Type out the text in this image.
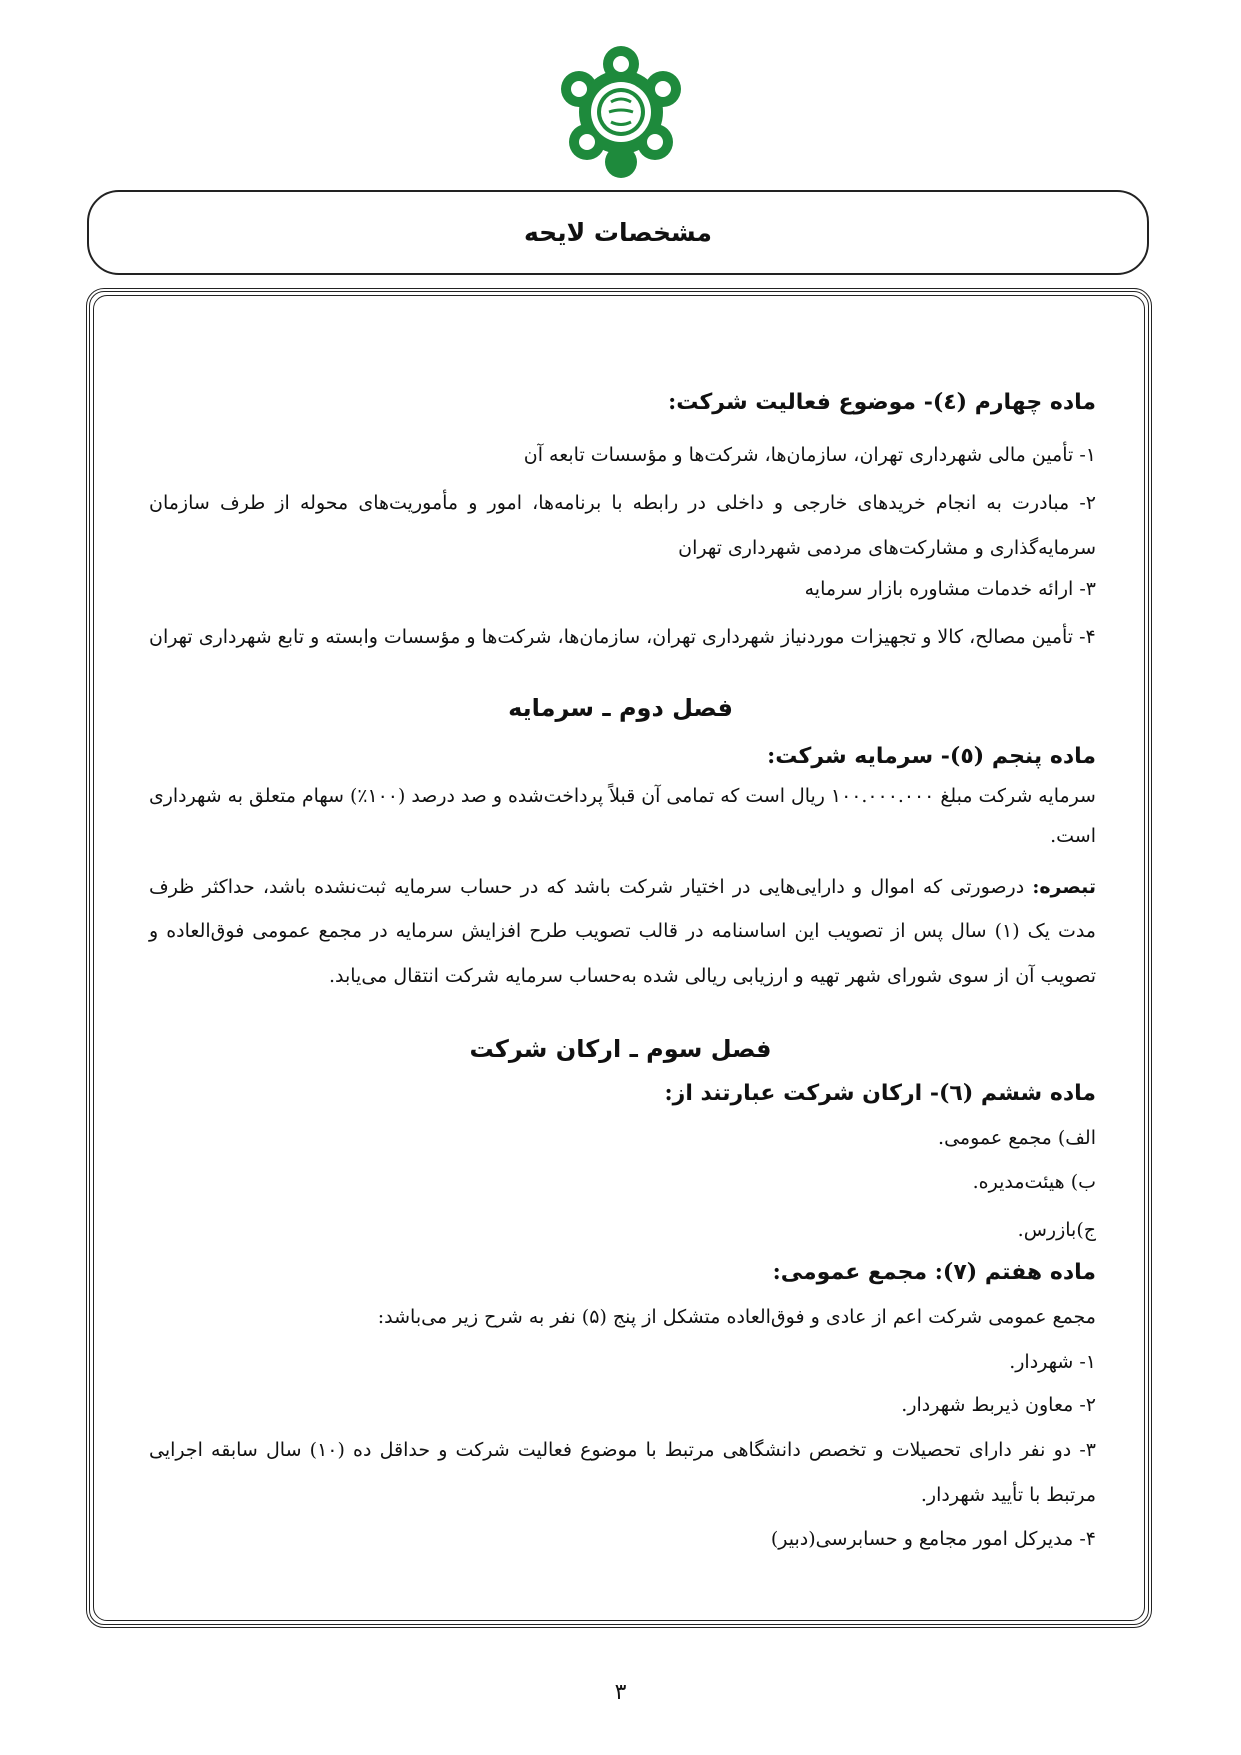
مشخصات لایحه
ماده چهارم (٤)- موضوع فعالیت شرکت:
۱- تأمین مالی شهرداری تهران، سازمان‌ها، شرکت‌ها و مؤسسات تابعه آن
۲- مبادرت به انجام خریدهای خارجی و داخلی در رابطه با برنامه‌ها، امور و مأموریت‌های محوله از طرف سازمان
سرمایه‌گذاری و مشارکت‌های مردمی شهرداری تهران
۳- ارائه خدمات مشاوره بازار سرمایه
۴- تأمین مصالح، کالا و تجهیزات موردنیاز شهرداری تهران، سازمان‌ها، شرکت‌ها و مؤسسات وابسته و تابع شهرداری تهران
فصل دوم ـ سرمایه
ماده پنجم (٥)- سرمایه شرکت:
سرمایه شرکت مبلغ ۱۰۰.۰۰۰.۰۰۰ ریال است که تمامی آن قبلاً پرداخت‌شده و صد درصد (۱۰۰٪) سهام متعلق به شهرداری
است.
تبصره: درصورتی که اموال و دارایی‌هایی در اختیار شرکت باشد که در حساب سرمایه ثبت‌نشده باشد، حداکثر ظرف
مدت یک (۱) سال پس از تصویب این اساسنامه در قالب تصویب طرح افزایش سرمایه در مجمع عمومی فوق‌العاده و
تصویب آن از سوی شورای شهر تهیه و ارزیابی ریالی شده به‌حساب سرمایه شرکت انتقال می‌یابد.
فصل سوم ـ ارکان شرکت
ماده ششم (٦)- ارکان شرکت عبارتند از:
الف) مجمع عمومی.
ب) هیئت‌مدیره.
ج)بازرس.
ماده هفتم (۷): مجمع عمومی:
مجمع عمومی شرکت اعم از عادی و فوق‌العاده متشکل از پنج (۵) نفر به شرح زیر می‌باشد:
۱- شهردار.
۲- معاون ذیربط شهردار.
۳- دو نفر دارای تحصیلات و تخصص دانشگاهی مرتبط با موضوع فعالیت شرکت و حداقل ده (۱۰) سال سابقه اجرایی
مرتبط با تأیید شهردار.
۴- مدیرکل امور مجامع و حسابرسی(دبیر)
۳
